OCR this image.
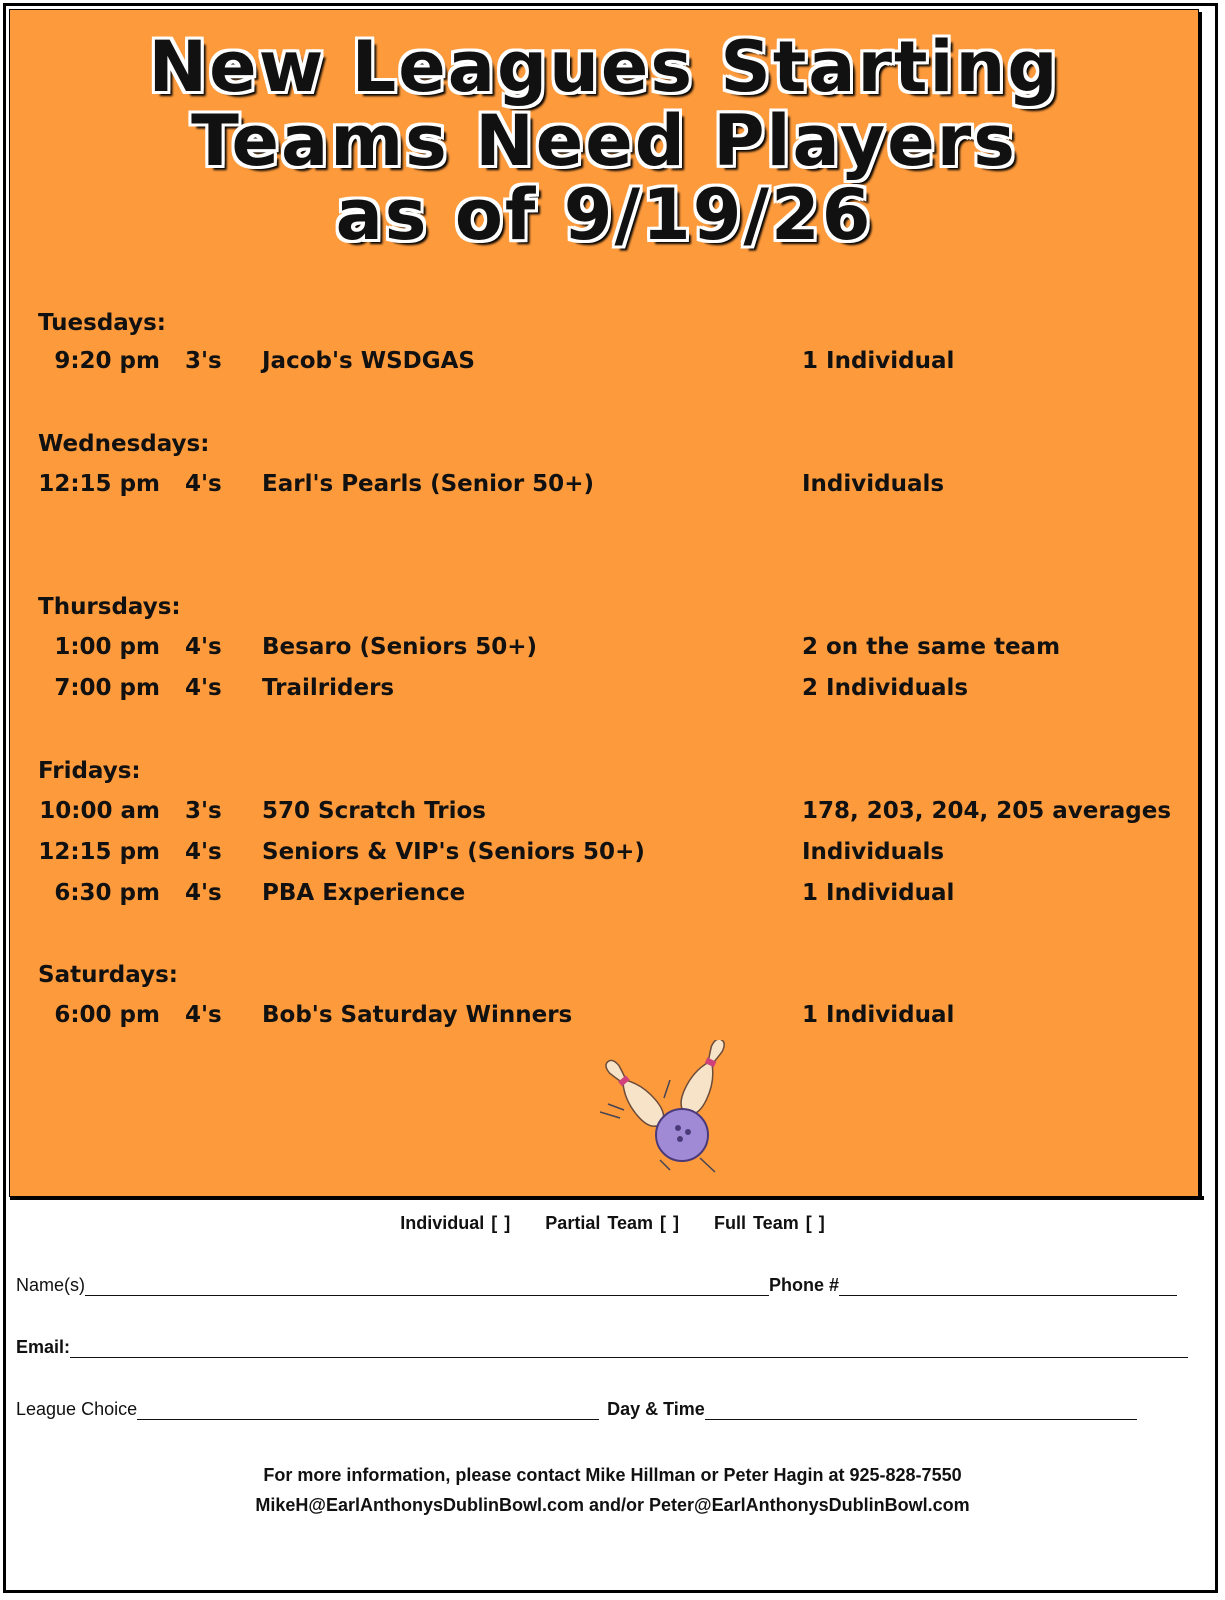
New Leagues Starting
Teams Need Players
as of 9/19/26
Tuesdays:
9:20 pm 3's Jacob's WSDGAS	1 Individual
Wednesdays:
12:15 pm 4's Earl's Pearls (Senior 50+)	Individuals
Thursdays:
1:00 pm 4's Besaro (Seniors 50+)	2 on the same team
7:00 pm 4's Trailriders	2 Individuals
Fridays:
10:00 am 3's 570 Scratch Trios	178, 203, 204, 205 averages
12:15 pm 4's Seniors & VIP's (Seniors 50+)	Individuals
6:30 pm 4's PBA Experience	1 Individual
Saturdays:
6:00 pm 4's Bob's Saturday Winners	1 Individual
Individual [ ] Partial Team [ ] Full Team [ ]
Name(s)	Phone #
Email:
League Choice	Day & Time
For more information, please contact Mike Hillman or Peter Hagin at 925-828-7550
MikeH@EarlAnthonysDublinBowl.com and/or Peter@EarlAnthonysDublinBowl.com
